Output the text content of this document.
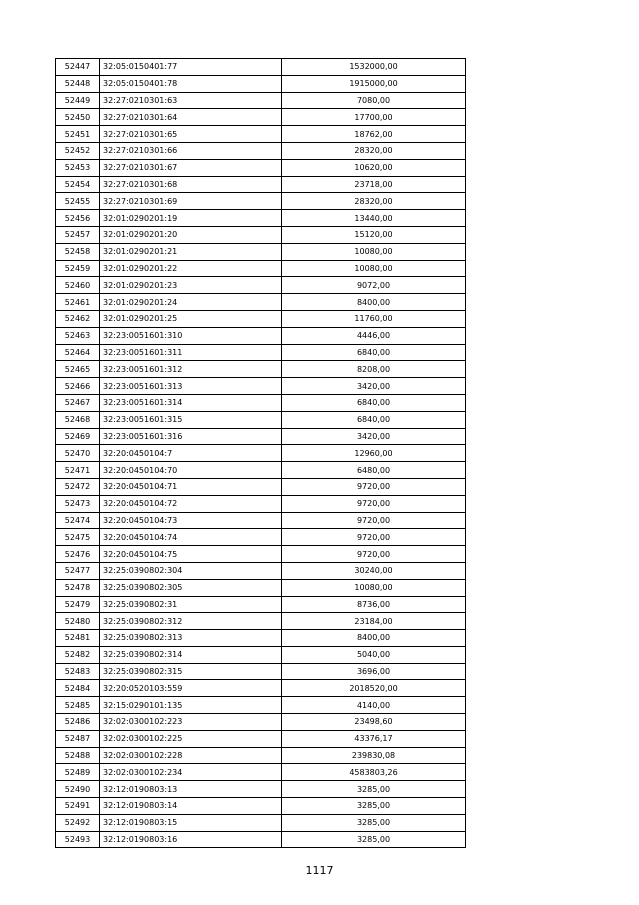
52447	32:05:0150401:77	1532000,00
52448	32:05:0150401:78	1915000,00
52449	32:27:0210301:63	7080,00
52450	32:27:0210301:64	17700,00
52451	32:27:0210301:65	18762,00
52452	32:27:0210301:66	28320,00
52453	32:27:0210301:67	10620,00
52454	32:27:0210301:68	23718,00
52455	32:27:0210301:69	28320,00
52456	32:01:0290201:19	13440,00
52457	32:01:0290201:20	15120,00
52458	32:01:0290201:21	10080,00
52459	32:01:0290201:22	10080,00
52460	32:01:0290201:23	9072,00
52461	32:01:0290201:24	8400,00
52462	32:01:0290201:25	11760,00
52463	32:23:0051601:310	4446,00
52464	32:23:0051601:311	6840,00
52465	32:23:0051601:312	8208,00
52466	32:23:0051601:313	3420,00
52467	32:23:0051601:314	6840,00
52468	32:23:0051601:315	6840,00
52469	32:23:0051601:316	3420,00
52470	32:20:0450104:7	12960,00
52471	32:20:0450104:70	6480,00
52472	32:20:0450104:71	9720,00
52473	32:20:0450104:72	9720,00
52474	32:20:0450104:73	9720,00
52475	32:20:0450104:74	9720,00
52476	32:20:0450104:75	9720,00
52477	32:25:0390802:304	30240,00
52478	32:25:0390802:305	10080,00
52479	32:25:0390802:31	8736,00
52480	32:25:0390802:312	23184,00
52481	32:25:0390802:313	8400,00
52482	32:25:0390802:314	5040,00
52483	32:25:0390802:315	3696,00
52484	32:20:0520103:559	2018520,00
52485	32:15:0290101:135	4140,00
52486	32:02:0300102:223	23498,60
52487	32:02:0300102:225	43376,17
52488	32:02:0300102:228	239830,08
52489	32:02:0300102:234	4583803,26
52490	32:12:0190803:13	3285,00
52491	32:12:0190803:14	3285,00
52492	32:12:0190803:15	3285,00
52493	32:12:0190803:16	3285,00
1117
